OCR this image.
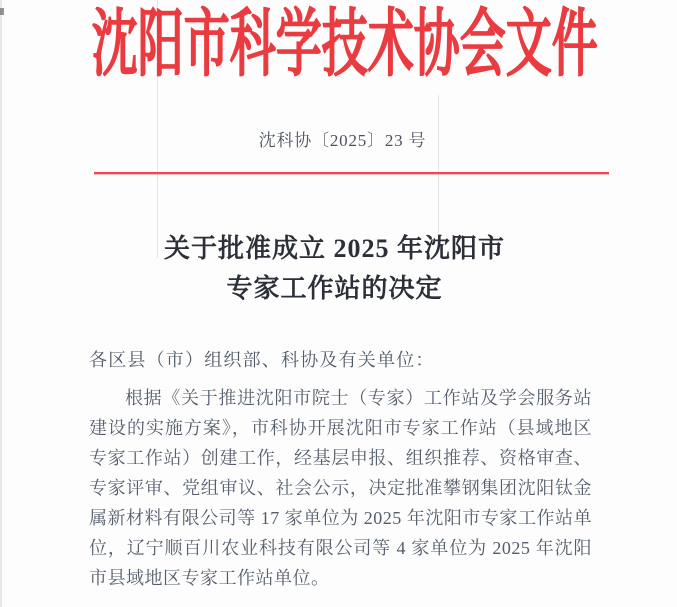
沈阳市科学技术协会文件
沈科协〔2025〕23 号
关于批准成立 2025 年沈阳市
专家工作站的决定
各区县（市）组织部、科协及有关单位：
根据《关于推进沈阳市院士（专家）工作站及学会服务站
建设的实施方案》，市科协开展沈阳市专家工作站（县域地区
专家工作站）创建工作，经基层申报、组织推荐、资格审查、
专家评审、党组审议、社会公示，决定批准攀钢集团沈阳钛金
属新材料有限公司等 17 家单位为 2025 年沈阳市专家工作站单
位，辽宁顺百川农业科技有限公司等 4 家单位为 2025 年沈阳
市县域地区专家工作站单位。
